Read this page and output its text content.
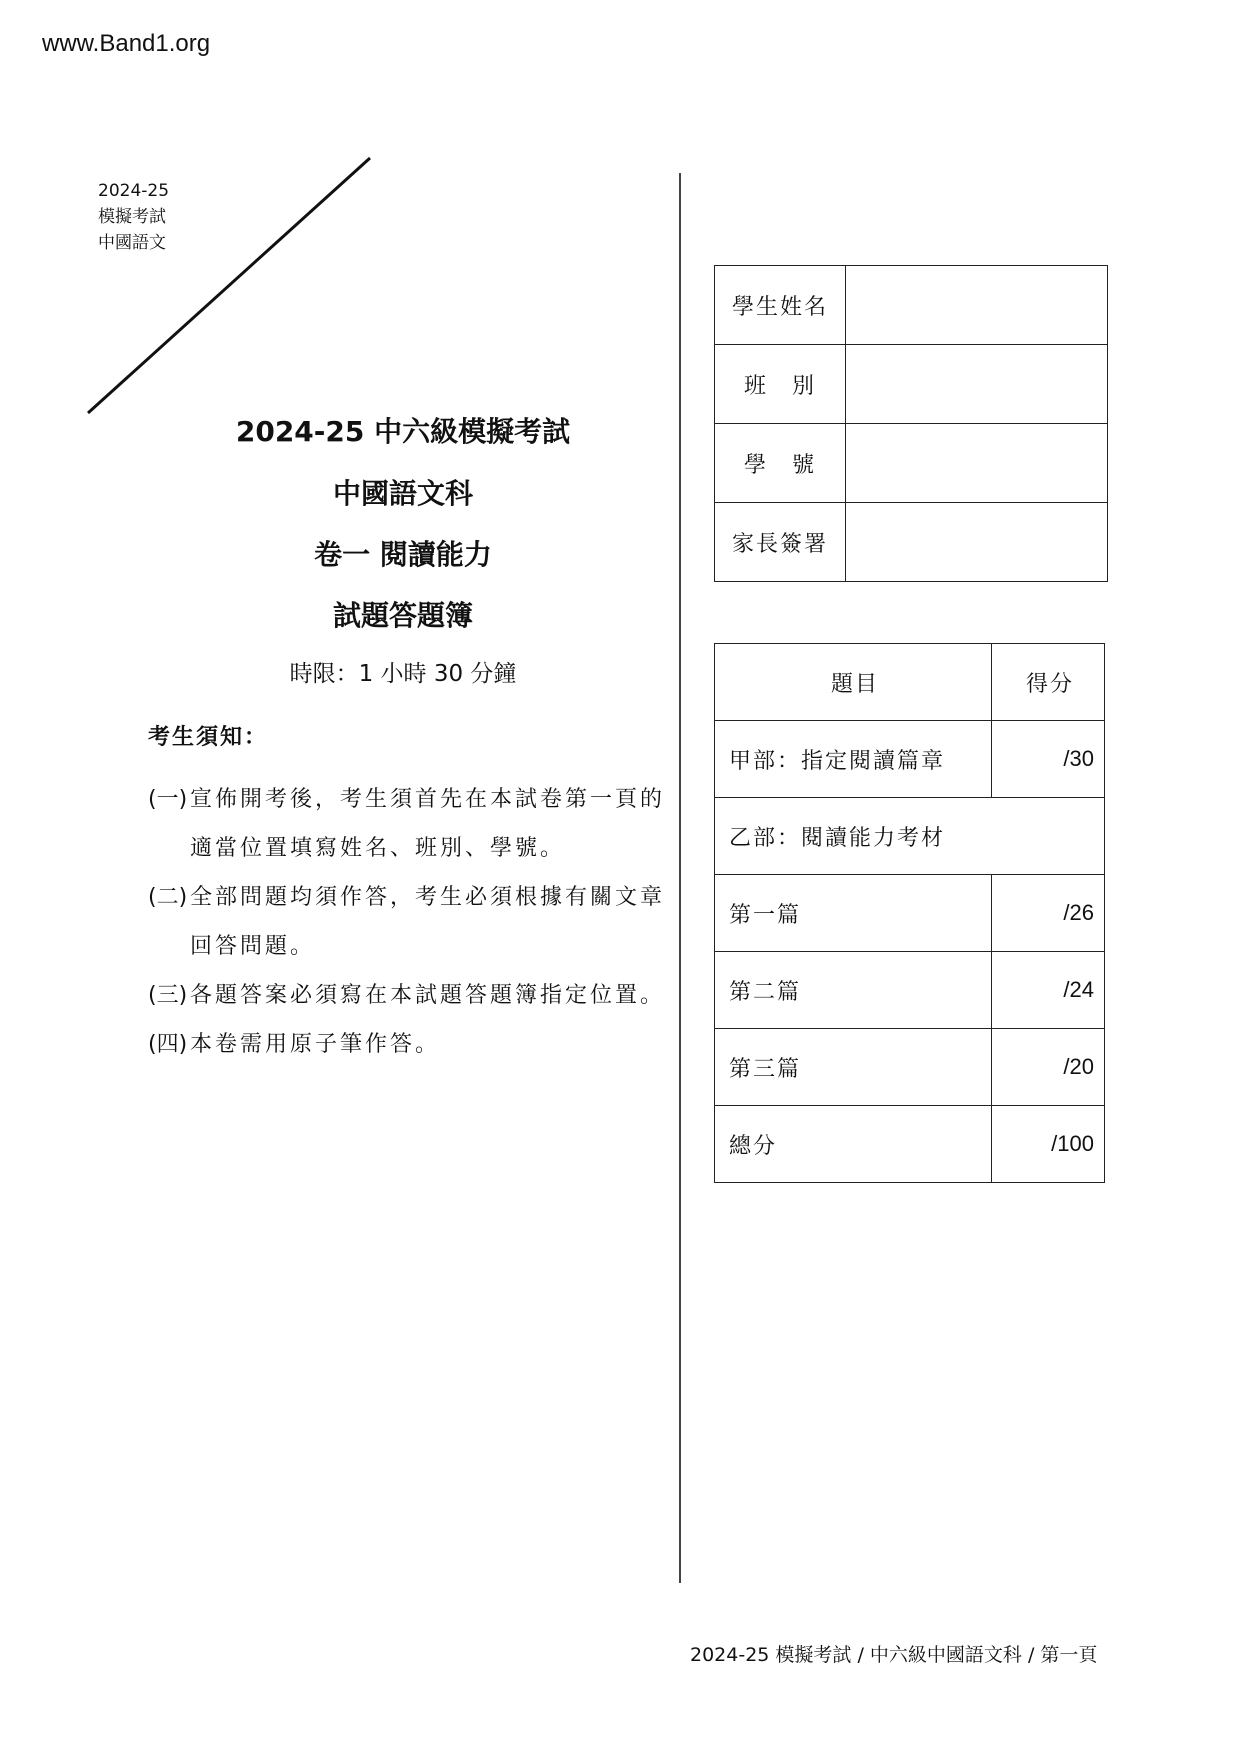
www.Band1.org
2024-25
模擬考試
中國語文
2024-25 中六級模擬考試
中國語文科
卷一 閱讀能力
試題答題簿
時限：1 小時 30 分鐘
考生須知：
(一) 宣佈開考後，考生須首先在本試卷第一頁的適當位置填寫姓名、班別、學號。
(二) 全部問題均須作答，考生必須根據有關文章回答問題。
(三) 各題答案必須寫在本試題答題簿指定位置。
(四) 本卷需用原子筆作答。
學生姓名	
班　別	
學　號	
家長簽署	
題目	得分
甲部：指定閱讀篇章	/30
乙部：閱讀能力考材	
第一篇	/26
第二篇	/24
第三篇	/20
總分	/100
2024-25 模擬考試 / 中六級中國語文科 / 第一頁
